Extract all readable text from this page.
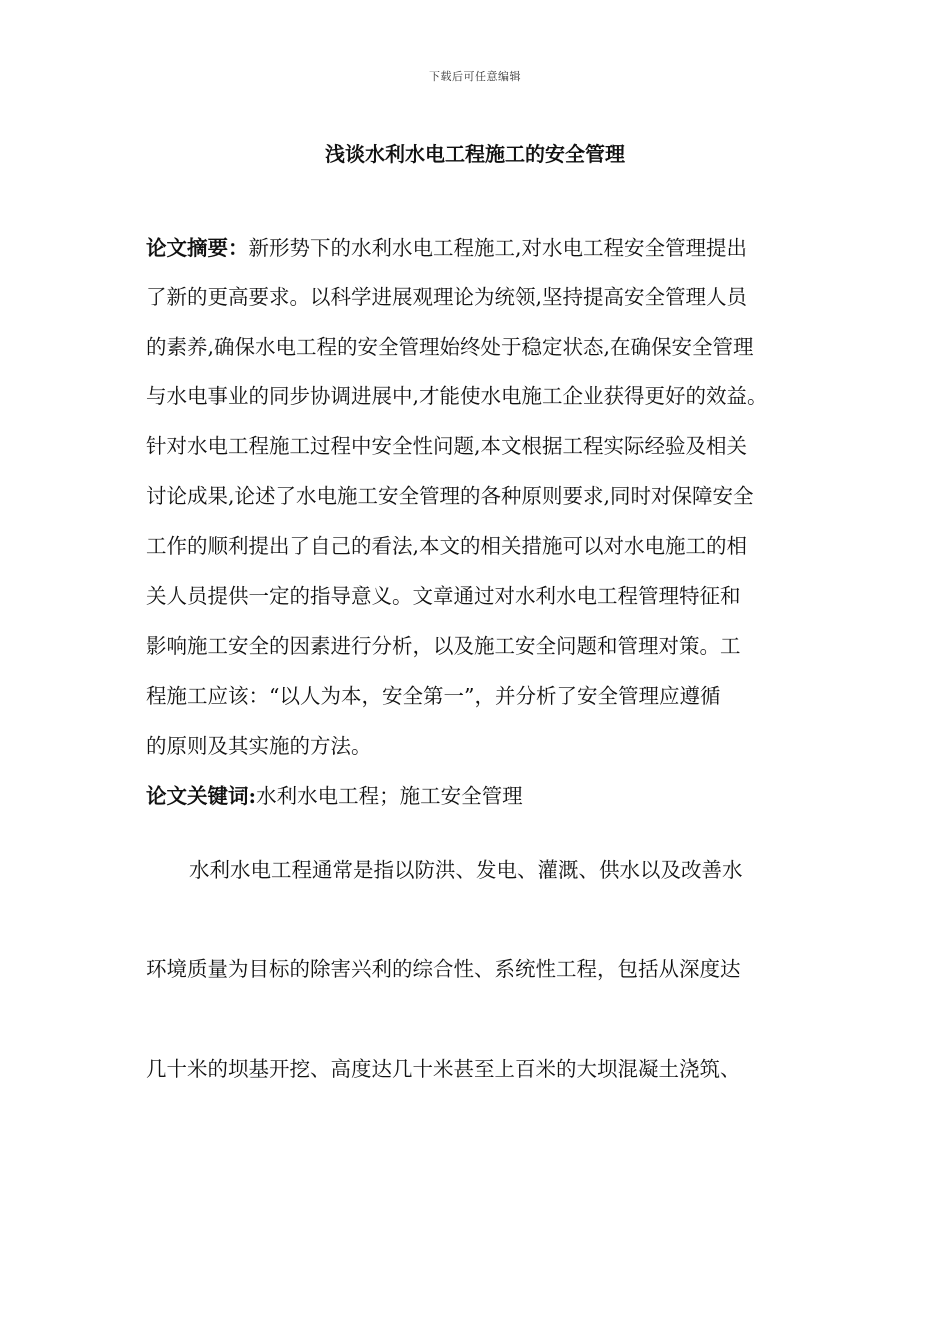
下载后可任意编辑
浅谈水利水电工程施工的安全管理
论文摘要：新形势下的水利水电工程施工,对水电工程安全管理提出
了新的更高要求。以科学进展观理论为统领,坚持提高安全管理人员
的素养,确保水电工程的安全管理始终处于稳定状态,在确保安全管理
与水电事业的同步协调进展中,才能使水电施工企业获得更好的效益。
针对水电工程施工过程中安全性问题,本文根据工程实际经验及相关
讨论成果,论述了水电施工安全管理的各种原则要求,同时对保障安全
工作的顺利提出了自己的看法,本文的相关措施可以对水电施工的相
关人员提供一定的指导意义。文章通过对水利水电工程管理特征和
影响施工安全的因素进行分析，以及施工安全问题和管理对策。工
程施工应该：“以人为本，安全第一”，并分析了安全管理应遵循
的原则及其实施的方法。
论文关键词:水利水电工程；施工安全管理
水利水电工程通常是指以防洪、发电、灌溉、供水以及改善水
环境质量为目标的除害兴利的综合性、系统性工程，包括从深度达
几十米的坝基开挖、高度达几十米甚至上百米的大坝混凝土浇筑、
